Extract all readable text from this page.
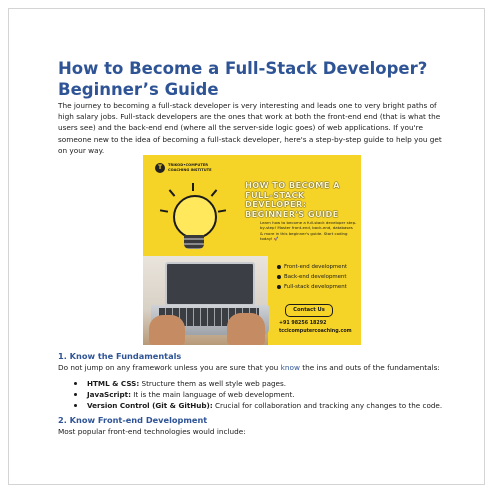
How to Become a Full-Stack Developer?
Beginner’s Guide

The journey to becoming a full-stack developer is very interesting and leads one to very bright paths of high salary jobs. Full-stack developers are the ones that work at both the front-end end (that is what the users see) and the back-end end (where all the server-side logic goes) of web applications. If you're someone new to the idea of becoming a full-stack developer, here's a step-by-step guide to help you get on your way.

T	TRIKOD•COMPUTER
COACHING INSTITUTE
HOW TO BECOME A FULL-STACK DEVELOPER: BEGINNER'S GUIDE
Learn how to become a full-stack developer step-by-step! Master front-end, back-end, databases & more in this beginner's guide. Start coding today! 🚀
Front-end development
Back-end development
Full-stack development
Contact Us
+91 98256 18292
tccicomputercoaching.com
1. Know the Fundamentals

Do not jump on any framework unless you are sure that you know the ins and outs of the fundamentals:

HTML & CSS: Structure them as well style web pages.
JavaScript: It is the main language of web development.
Version Control (Git & GitHub): Crucial for collaboration and tracking any changes to the code.
2. Know Front-end Development

Most popular front-end technologies would include:
